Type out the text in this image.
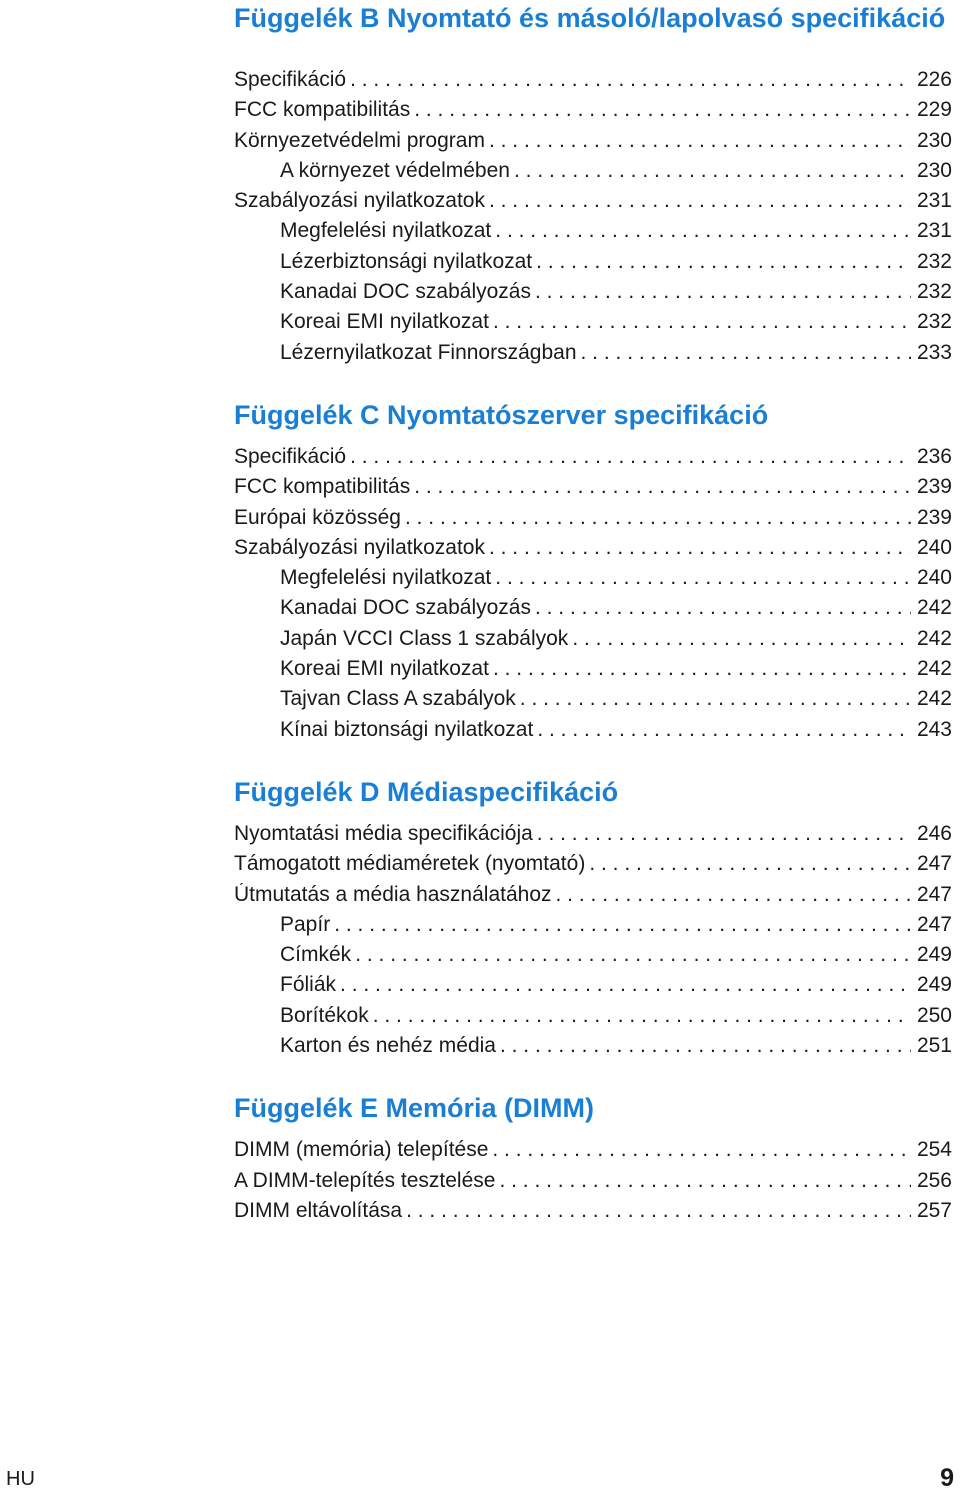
Függelék B Nyomtató és másoló/lapolvasó specifikáció
Specifikáció . . .	226
FCC kompatibilitás . . .	229
Környezetvédelmi program . . .	230
A környezet védelmében . . .	230
Szabályozási nyilatkozatok . . .	231
Megfelelési nyilatkozat . . .	231
Lézerbiztonsági nyilatkozat . . .	232
Kanadai DOC szabályozás . . .	232
Koreai EMI nyilatkozat . . .	232
Lézernyilatkozat Finnországban . . .	233
Függelék C Nyomtatószerver specifikáció
Specifikáció . . .	236
FCC kompatibilitás . . .	239
Európai közösség . . .	239
Szabályozási nyilatkozatok . . .	240
Megfelelési nyilatkozat . . .	240
Kanadai DOC szabályozás . . .	242
Japán VCCI Class 1 szabályok . . .	242
Koreai EMI nyilatkozat . . .	242
Tajvan Class A szabályok . . .	242
Kínai biztonsági nyilatkozat . . .	243
Függelék D Médiaspecifikáció
Nyomtatási média specifikációja . . .	246
Támogatott médiaméretek (nyomtató) . . .	247
Útmutatás a média használatához . . .	247
Papír . . .	247
Címkék . . .	249
Fóliák . . .	249
Borítékok . . .	250
Karton és nehéz média . . .	251
Függelék E Memória (DIMM)
DIMM (memória) telepítése . . .	254
A DIMM-telepítés tesztelése . . .	256
DIMM eltávolítása . . .	257
HU	9
